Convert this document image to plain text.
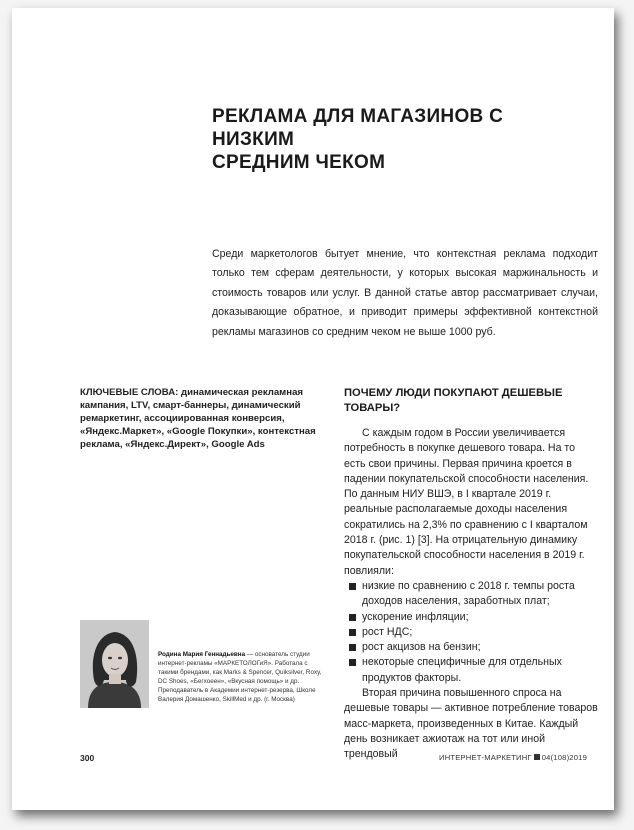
РЕКЛАМА ДЛЯ МАГАЗИНОВ С НИЗКИМ
СРЕДНИМ ЧЕКОМ

Среди маркетологов бытует мнение, что контекстная реклама подходит только тем сферам деятельности, у которых высокая маржинальность и стоимость товаров или услуг. В данной статье автор рассматривает случаи, доказывающие обратное, и приводит примеры эффективной контекстной рекламы магазинов со средним чеком не выше 1000 руб.

КЛЮЧЕВЫЕ СЛОВА: динамическая рекламная кампания, LTV, смарт-баннеры, динамический ремаркетинг, ассоциированная конверсия, «Яндекс.Маркет», «Google Покупки», контекстная реклама, «Яндекс.Директ», Google Ads
ПОЧЕМУ ЛЮДИ ПОКУПАЮТ ДЕШЕВЫЕ ТОВАРЫ?

С каждым годом в России увеличивается потребность в покупке дешевого товара. На то есть свои причины. Первая причина кроется в падении покупательской способности населения. По данным НИУ ВШЭ, в I квартале 2019 г. реальные располагаемые доходы населения сократились на 2,3% по сравнению с I кварталом 2018 г. (рис. 1) [3]. На отрицательную динамику покупательской способности населения в 2019 г. повлияли:

низкие по сравнению с 2018 г. темпы роста доходов населения, заработных плат;
ускорение инфляции;
рост НДС;
рост акцизов на бензин;
некоторые специфичные для отдельных продуктов факторы.

Вторая причина повышенного спроса на дешевые товары — активное потребление товаров масс-маркета, произведенных в Китае. Каждый день возникает ажиотаж на тот или иной трендовый

Родина Мария Геннадьевна — основатель студии интернет-рекламы «МАРКЕТОЛОГиЯ». Работала с такими брендами, как Marks & Spencer, Quiksilver, Roxy, DC Shoes, «Бегхоеен», «Вкусная помощь» и др. Преподаватель в Академии интернет-резерва, Школе Валерия Домашенко, SkillMed и др. (г. Москва)
300	ИНТЕРНЕТ-МАРКЕТИНГ 04(108)2019
